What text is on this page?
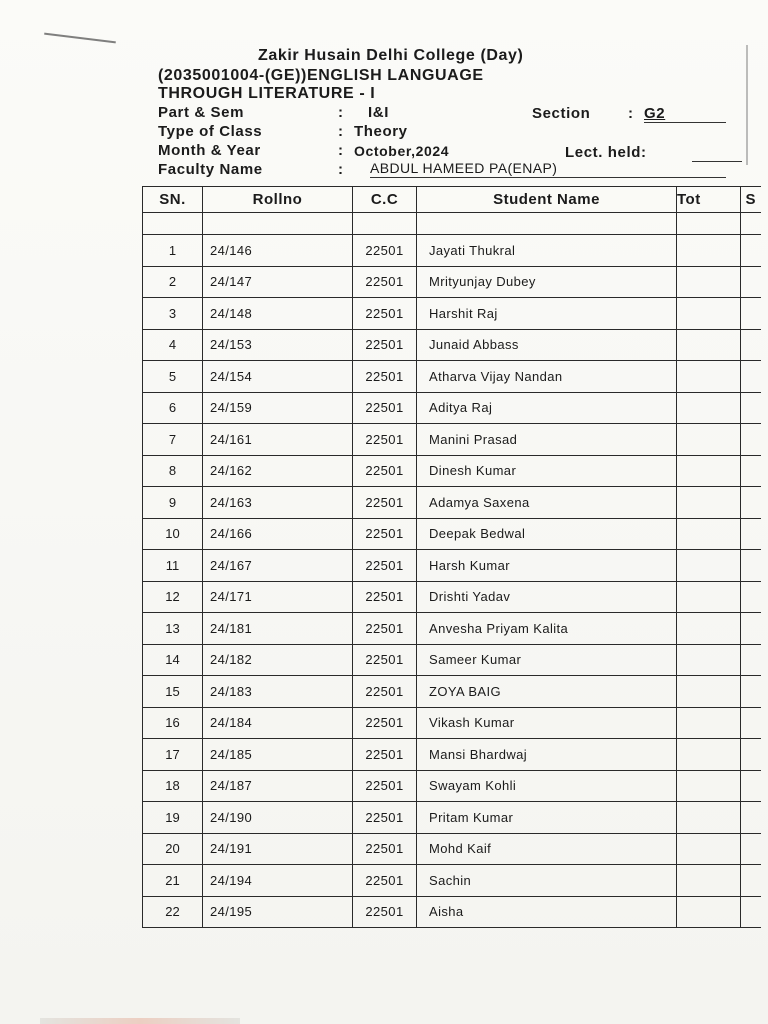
Zakir Husain Delhi College (Day)
(2035001004-(GE))ENGLISH LANGUAGE
THROUGH LITERATURE - I
Part & Sem	: I&I	Section	: G2
Type of Class	: Theory
Month & Year	: October,2024	Lect. held:
Faculty Name	: ABDUL HAMEED PA(ENAP)
SN.	Rollno	C.C	Student Name	Tot	S

1	24/146	22501	Jayati Thukral		
2	24/147	22501	Mrityunjay Dubey		
3	24/148	22501	Harshit Raj		
4	24/153	22501	Junaid Abbass		
5	24/154	22501	Atharva Vijay Nandan		
6	24/159	22501	Aditya Raj		
7	24/161	22501	Manini Prasad		
8	24/162	22501	Dinesh Kumar		
9	24/163	22501	Adamya Saxena		
10	24/166	22501	Deepak Bedwal		
11	24/167	22501	Harsh Kumar		
12	24/171	22501	Drishti Yadav		
13	24/181	22501	Anvesha Priyam Kalita		
14	24/182	22501	Sameer Kumar		
15	24/183	22501	ZOYA BAIG		
16	24/184	22501	Vikash Kumar		
17	24/185	22501	Mansi Bhardwaj		
18	24/187	22501	Swayam Kohli		
19	24/190	22501	Pritam Kumar		
20	24/191	22501	Mohd Kaif		
21	24/194	22501	Sachin		
22	24/195	22501	Aisha		
